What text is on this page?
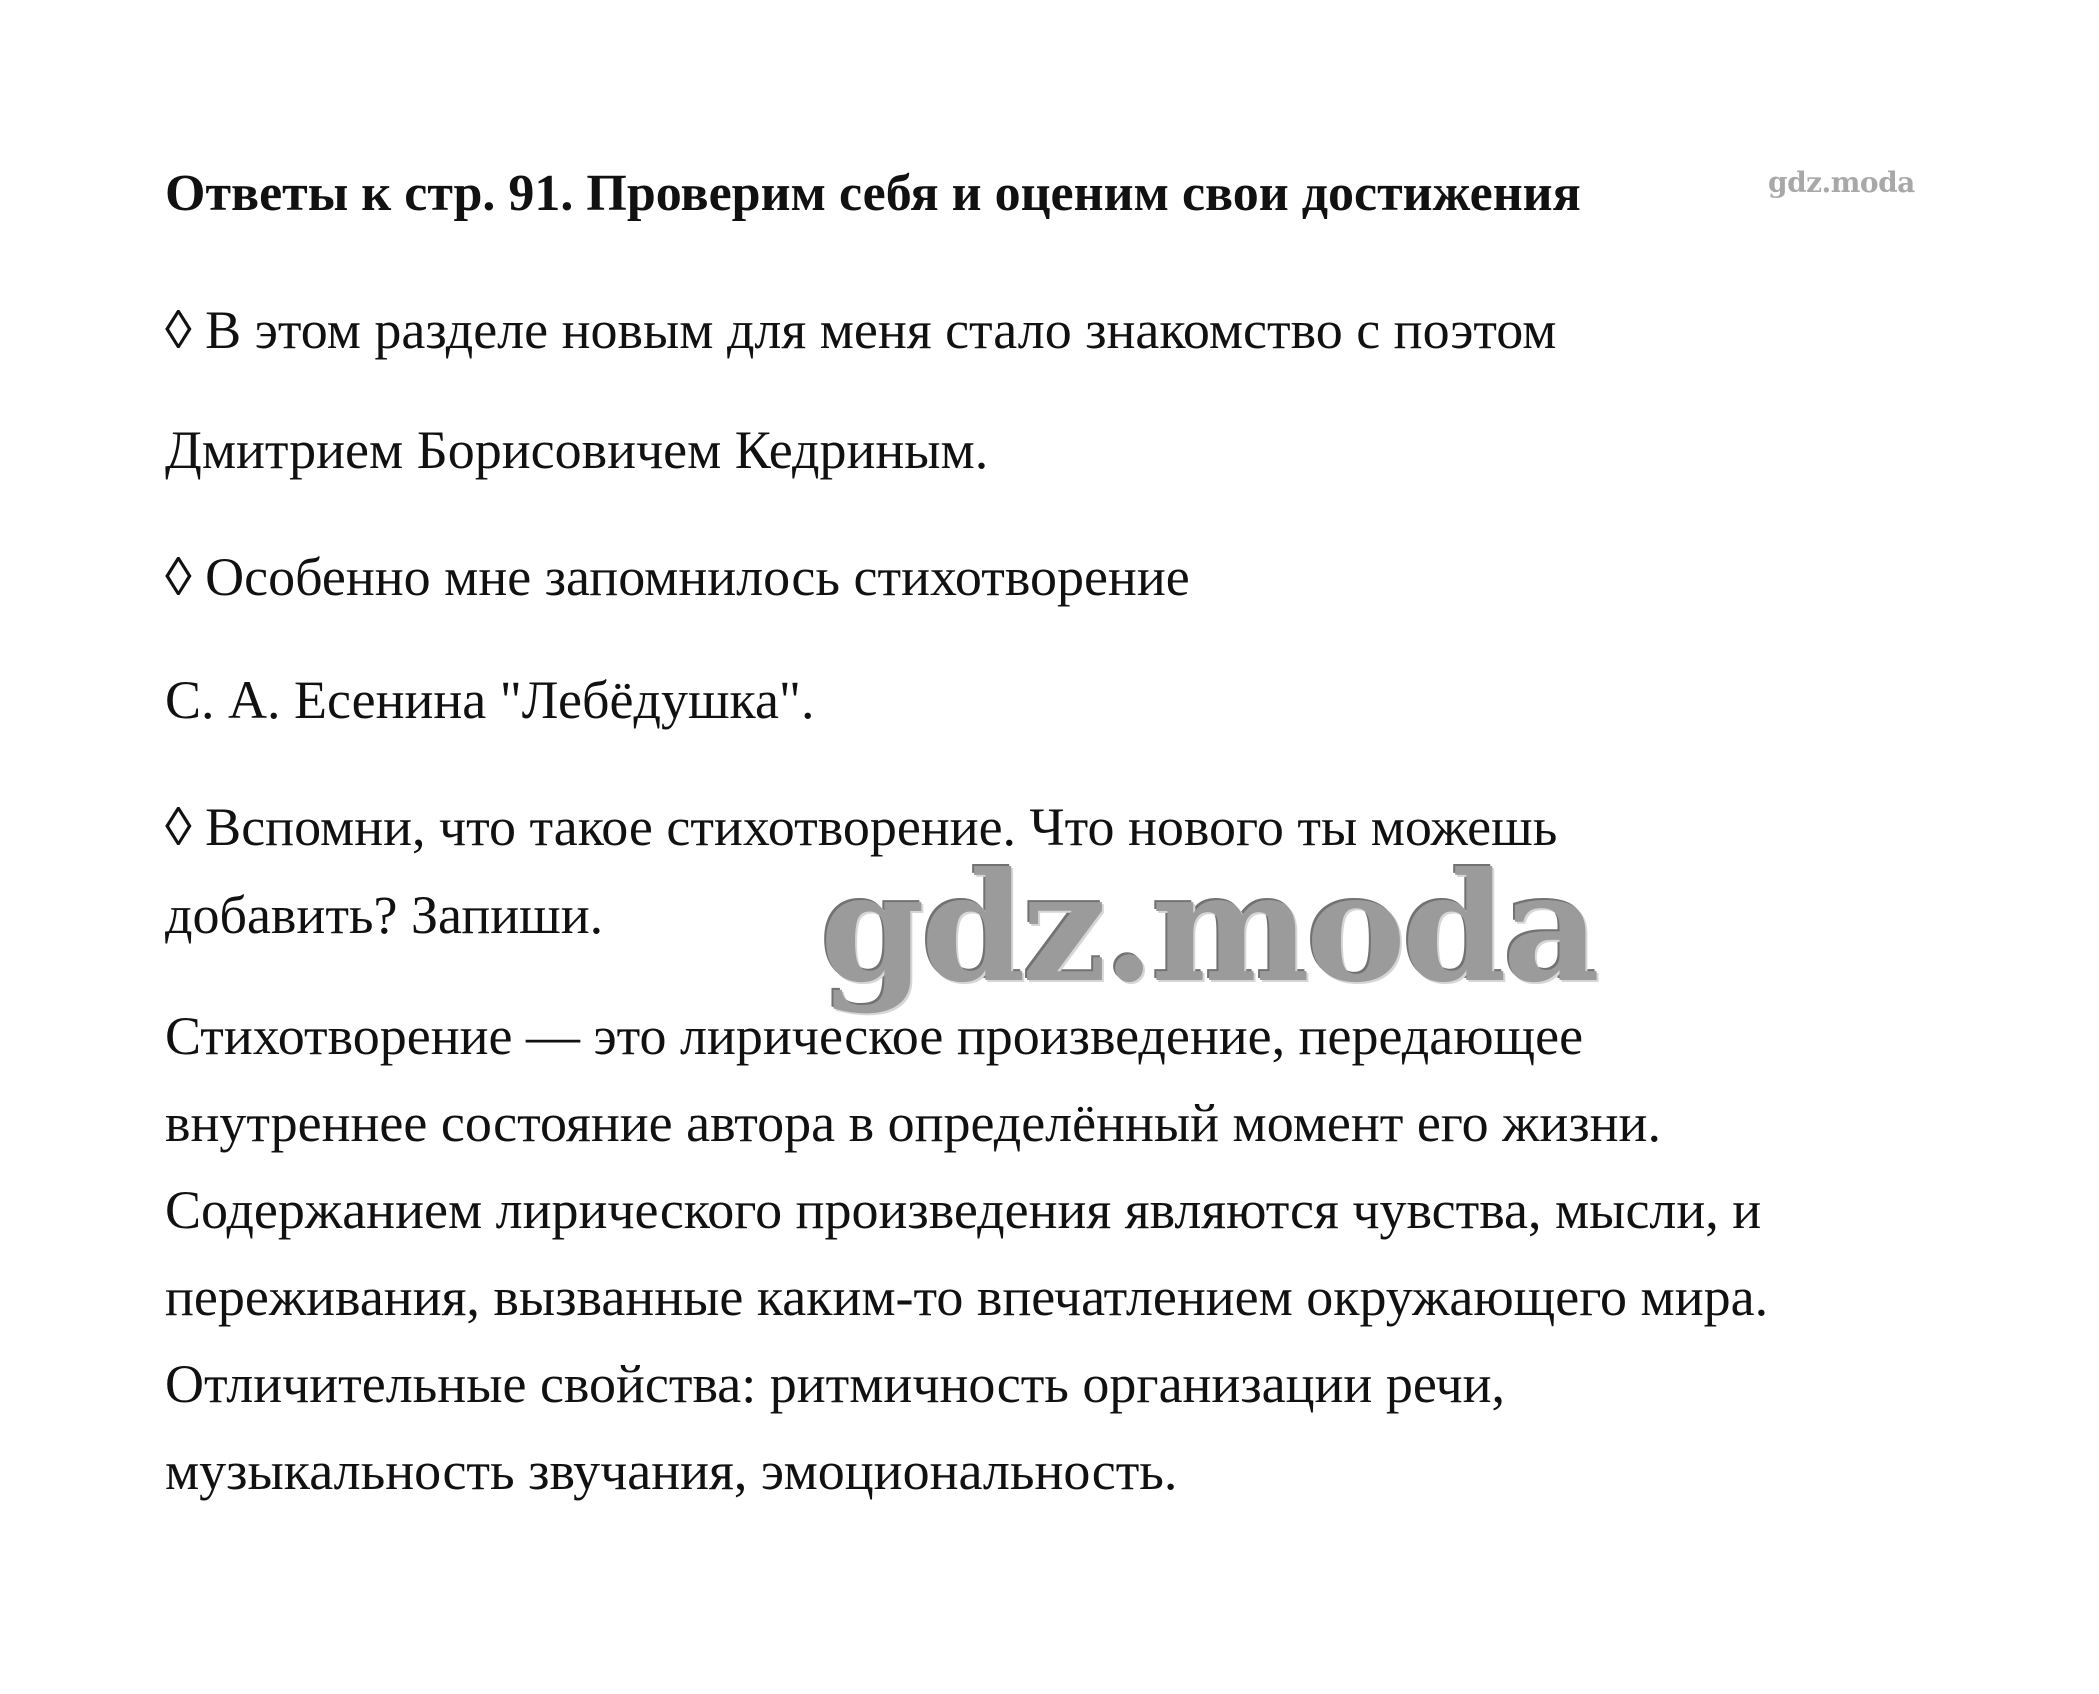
Ответы к стр. 91. Проверим себя и оценим свои достижения	gdz.moda
◊ В этом разделе новым для меня стало знакомство с поэтом
Дмитрием Борисовичем Кедриным.
◊ Особенно мне запомнилось стихотворение
С. А. Есенина "Лебёдушка".
◊ Вспомни, что такое стихотворение. Что нового ты можешь
добавить? Запиши. gdz.moda
Стихотворение — это лирическое произведение, передающее
внутреннее состояние автора в определённый момент его жизни.
Содержанием лирического произведения являются чувства, мысли, и
переживания, вызванные каким-то впечатлением окружающего мира.
Отличительные свойства: ритмичность организации речи,
музыкальность звучания, эмоциональность.
